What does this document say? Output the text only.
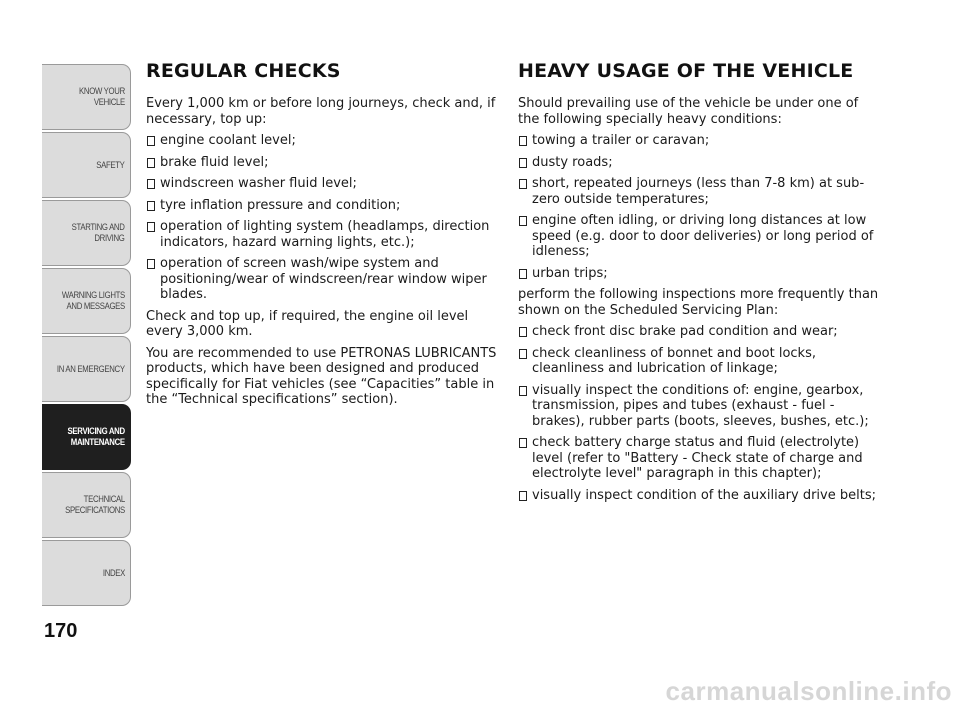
KNOW YOUR
VEHICLE
SAFETY
STARTING AND
DRIVING
WARNING LIGHTS
AND MESSAGES
IN AN EMERGENCY
SERVICING AND
MAINTENANCE
TECHNICAL
SPECIFICATIONS
INDEX
170
REGULAR CHECKS

Every 1,000 km or before long journeys, check and, if necessary, top up:

engine coolant level;
brake fluid level;
windscreen washer fluid level;
tyre inflation pressure and condition;
operation of lighting system (headlamps, direction indicators, hazard warning lights, etc.);
operation of screen wash/wipe system and positioning/wear of windscreen/rear window wiper blades.

Check and top up, if required, the engine oil level every 3,000 km.

You are recommended to use PETRONAS LUBRICANTS products, which have been designed and produced specifically for Fiat vehicles (see “Capacities” table in the “Technical specifications” section).

HEAVY USAGE OF THE VEHICLE

Should prevailing use of the vehicle be under one of the following specially heavy conditions:

towing a trailer or caravan;
dusty roads;
short, repeated journeys (less than 7-8 km) at sub-zero outside temperatures;
engine often idling, or driving long distances at low speed (e.g. door to door deliveries) or long period of idleness;
urban trips;

perform the following inspections more frequently than shown on the Scheduled Servicing Plan:

check front disc brake pad condition and wear;
check cleanliness of bonnet and boot locks, cleanliness and lubrication of linkage;
visually inspect the conditions of: engine, gearbox, transmission, pipes and tubes (exhaust - fuel - brakes), rubber parts (boots, sleeves, bushes, etc.);
check battery charge status and fluid (electrolyte) level (refer to "Battery - Check state of charge and electrolyte level" paragraph in this chapter);
visually inspect condition of the auxiliary drive belts;
carmanualsonline.info
